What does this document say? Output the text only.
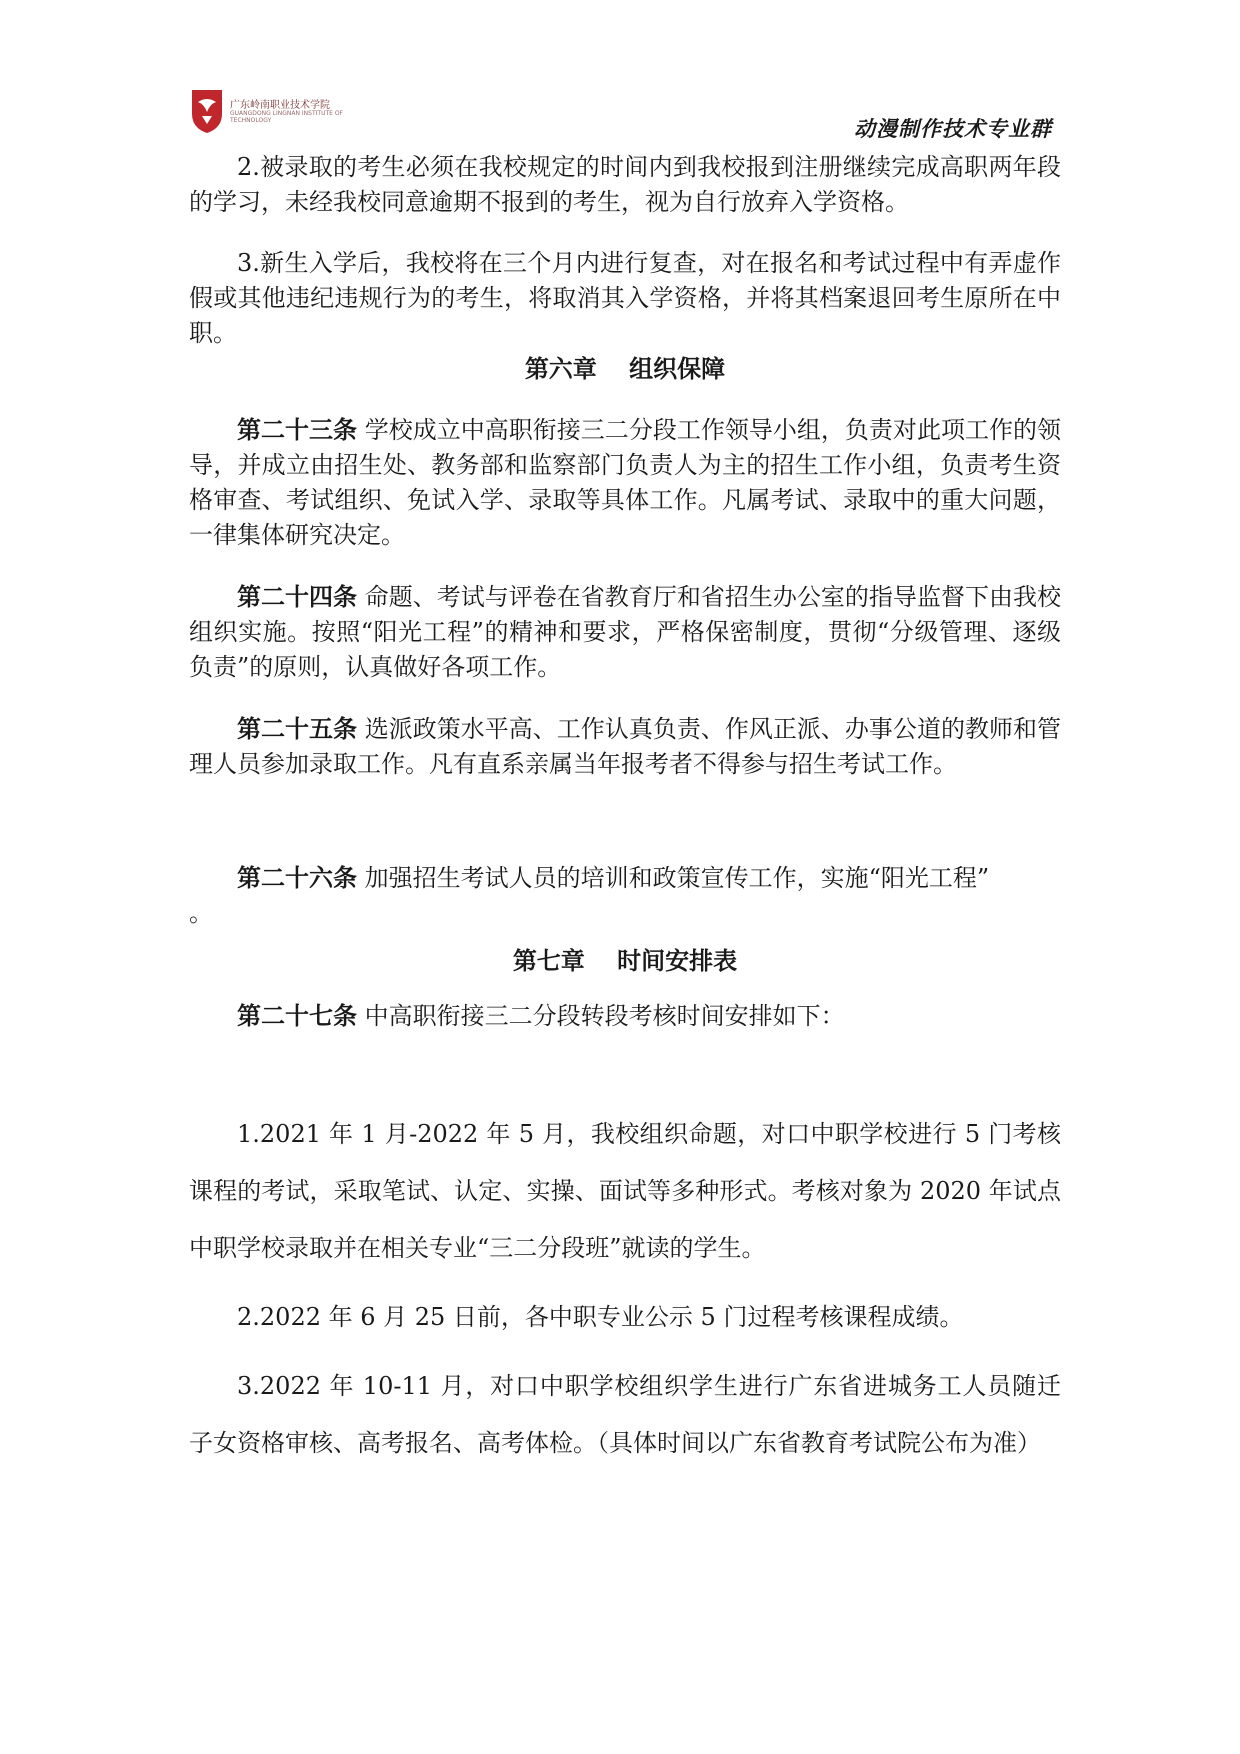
广东岭南职业技术学院
GUANGDONG LINGNAN INSTITUTE OF TECHNOLOGY	动漫制作技术专业群

2.被录取的考生必须在我校规定的时间内到我校报到注册继续完成高职两年段的学习，未经我校同意逾期不报到的考生，视为自行放弃入学资格。

3.新生入学后，我校将在三个月内进行复查，对在报名和考试过程中有弄虚作假或其他违纪违规行为的考生，将取消其入学资格，并将其档案退回考生原所在中职。

第六章　 组织保障

第二十三条 学校成立中高职衔接三二分段工作领导小组，负责对此项工作的领导，并成立由招生处、教务部和监察部门负责人为主的招生工作小组，负责考生资格审查、考试组织、免试入学、录取等具体工作。凡属考试、录取中的重大问题，一律集体研究决定。

第二十四条 命题、考试与评卷在省教育厅和省招生办公室的指导监督下由我校组织实施。按照“阳光工程”的精神和要求，严格保密制度，贯彻“分级管理、逐级负责”的原则，认真做好各项工作。

第二十五条 选派政策水平高、工作认真负责、作风正派、办事公道的教师和管理人员参加录取工作。凡有直系亲属当年报考者不得参与招生考试工作。

第二十六条 加强招生考试人员的培训和政策宣传工作，实施“阳光工程”

。

第七章　 时间安排表

第二十七条 中高职衔接三二分段转段考核时间安排如下：

1.2021 年 1 月-2022 年 5 月，我校组织命题，对口中职学校进行 5 门考核课程的考试，采取笔试、认定、实操、面试等多种形式。考核对象为 2020 年试点中职学校录取并在相关专业“三二分段班”就读的学生。

2.2022 年 6 月 25 日前，各中职专业公示 5 门过程考核课程成绩。

3.2022 年 10-11 月，对口中职学校组织学生进行广东省进城务工人员随迁子女资格审核、高考报名、高考体检。（具体时间以广东省教育考试院公布为准）
